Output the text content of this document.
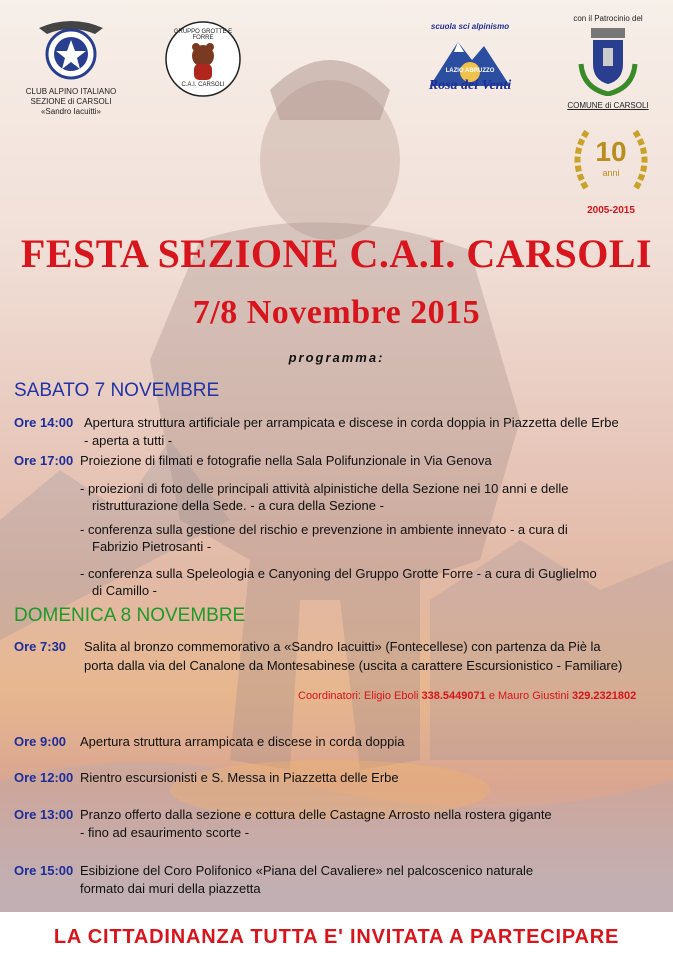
CLUB ALPINO ITALIANO
SEZIONE di CARSOLI
«Sandro Iacuitti»
GRUPPO GROTTE E FORRE
C.A.I. CARSOLI
scuola sci alpinismo
LAZIO ABRUZZO
Rosa dei Venti
con il Patrocinio del
COMUNE di CARSOLI
10
anni
2005-2015
FESTA SEZIONE C.A.I. CARSOLI
7/8 Novembre 2015
programma:
SABATO 7 NOVEMBRE
Ore 14:00 Apertura struttura artificiale per arrampicata e discese in corda doppia in Piazzetta delle Erbe
- aperta a tutti -
Ore 17:00 Proiezione di filmati e fotografie nella Sala Polifunzionale in Via Genova
- proiezioni di foto delle principali attività alpinistiche della Sezione nei 10 anni e delle
ristrutturazione della Sede. - a cura della Sezione -
- conferenza sulla gestione del rischio e prevenzione in ambiente innevato - a cura di
Fabrizio Pietrosanti -
- conferenza sulla Speleologia e Canyoning del Gruppo Grotte Forre - a cura di Guglielmo
di Camillo -
DOMENICA 8 NOVEMBRE
Ore 7:30 Salita al bronzo commemorativo a «Sandro Iacuitti» (Fontecellese) con partenza da Piè la
porta dalla via del Canalone da Montesabinese (uscita a carattere Escursionistico - Familiare)
Coordinatori: Eligio Eboli 338.5449071 e Mauro Giustini 329.2321802
Ore 9:00 Apertura struttura arrampicata e discese in corda doppia
Ore 12:00 Rientro escursionisti e S. Messa in Piazzetta delle Erbe
Ore 13:00 Pranzo offerto dalla sezione e cottura delle Castagne Arrosto nella rostera gigante
- fino ad esaurimento scorte -
Ore 15:00 Esibizione del Coro Polifonico «Piana del Cavaliere» nel palcoscenico naturale
formato dai muri della piazzetta
LA CITTADINANZA TUTTA E' INVITATA A PARTECIPARE
